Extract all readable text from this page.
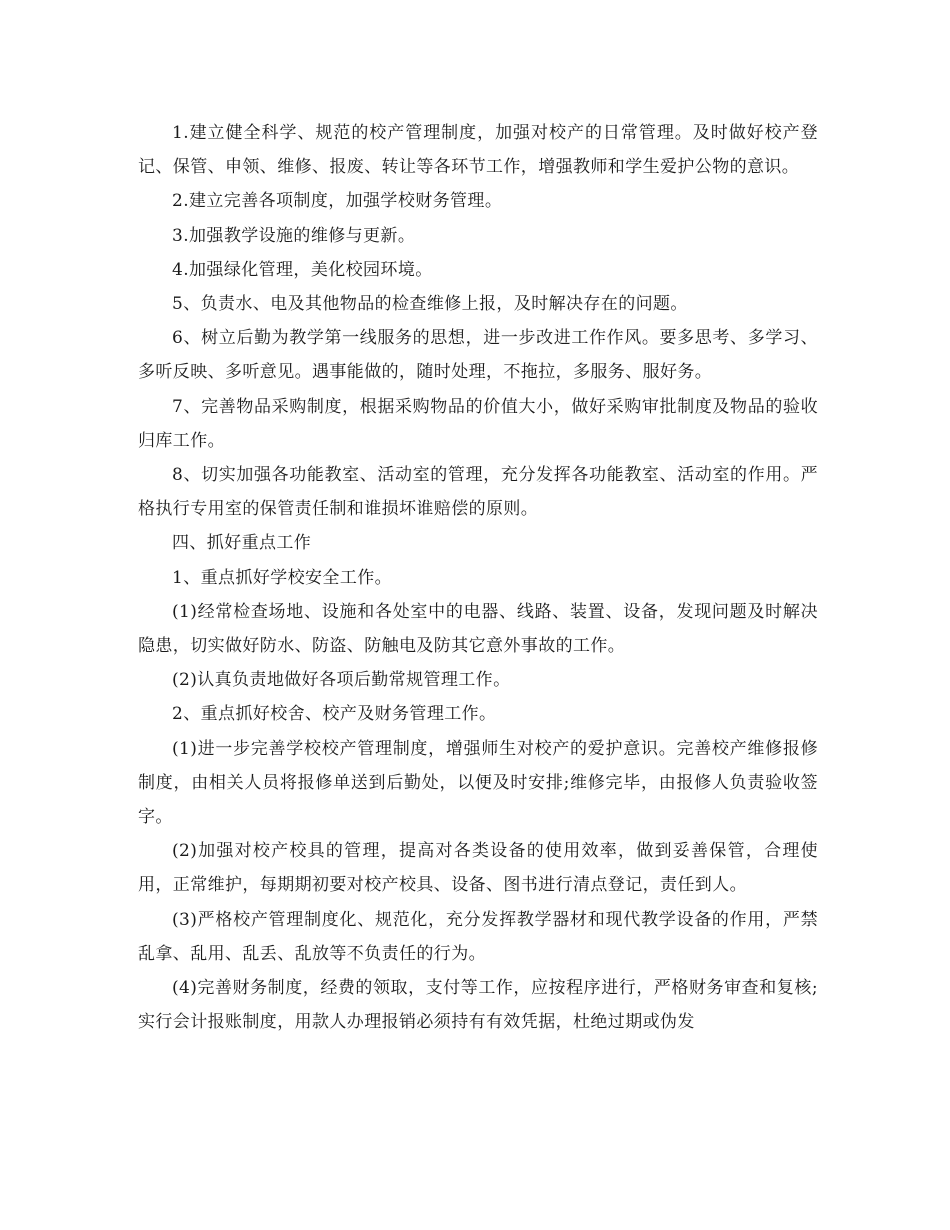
1.建立健全科学、规范的校产管理制度，加强对校产的日常管理。及时做好校产登记、保管、申领、维修、报废、转让等各环节工作，增强教师和学生爱护公物的意识。

2.建立完善各项制度，加强学校财务管理。

3.加强教学设施的维修与更新。

4.加强绿化管理，美化校园环境。

5、负责水、电及其他物品的检查维修上报，及时解决存在的问题。

6、树立后勤为教学第一线服务的思想，进一步改进工作作风。要多思考、多学习、多听反映、多听意见。遇事能做的，随时处理，不拖拉，多服务、服好务。

7、完善物品采购制度，根据采购物品的价值大小，做好采购审批制度及物品的验收归库工作。

8、切实加强各功能教室、活动室的管理，充分发挥各功能教室、活动室的作用。严格执行专用室的保管责任制和谁损坏谁赔偿的原则。

四、抓好重点工作

1、重点抓好学校安全工作。

(1)经常检查场地、设施和各处室中的电器、线路、装置、设备，发现问题及时解决隐患，切实做好防水、防盗、防触电及防其它意外事故的工作。

(2)认真负责地做好各项后勤常规管理工作。

2、重点抓好校舍、校产及财务管理工作。

(1)进一步完善学校校产管理制度，增强师生对校产的爱护意识。完善校产维修报修制度，由相关人员将报修单送到后勤处，以便及时安排;维修完毕，由报修人负责验收签字。

(2)加强对校产校具的管理，提高对各类设备的使用效率，做到妥善保管，合理使用，正常维护，每期期初要对校产校具、设备、图书进行清点登记，责任到人。

(3)严格校产管理制度化、规范化，充分发挥教学器材和现代教学设备的作用，严禁乱拿、乱用、乱丢、乱放等不负责任的行为。

(4)完善财务制度，经费的领取，支付等工作，应按程序进行，严格财务审查和复核;实行会计报账制度，用款人办理报销必须持有有效凭据，杜绝过期或伪发
